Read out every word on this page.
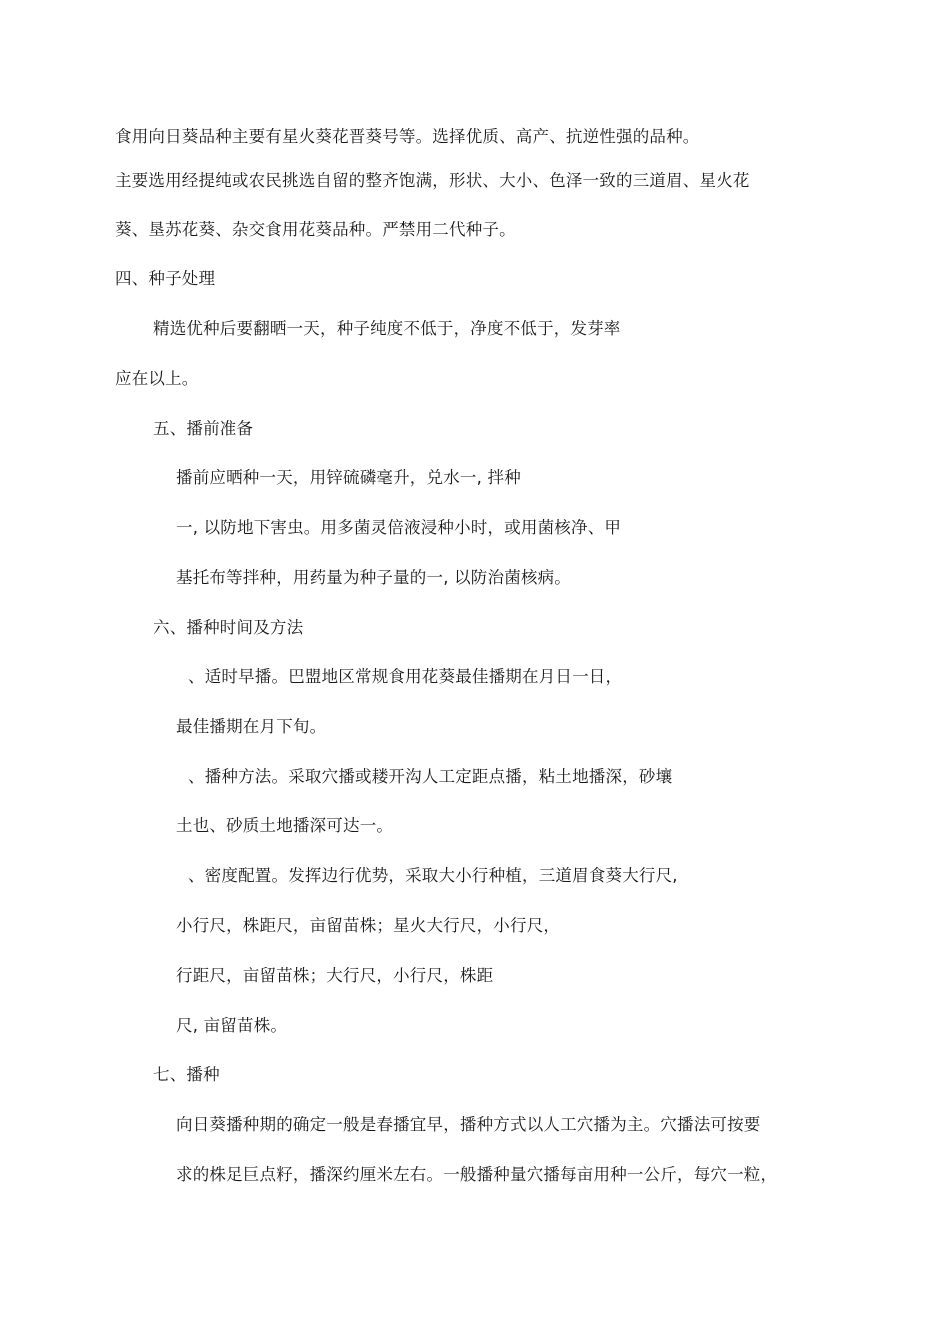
食用向日葵品种主要有星火葵花晋葵号等。选择优质、高产、抗逆性强的品种。
主要选用经提纯或农民挑选自留的整齐饱满，形状、大小、色泽一致的三道眉、星火花
葵、垦苏花葵、杂交食用花葵品种。严禁用二代种子。
四、种子处理
精选优种后要翻晒一天，种子纯度不低于，净度不低于，发芽率
应在以上。
五、播前准备
播前应晒种一天，用锌硫磷毫升，兑水一, 拌种
一, 以防地下害虫。用多菌灵倍液浸种小时，或用菌核净、甲
基托布等拌种，用药量为种子量的一, 以防治菌核病。
六、播种时间及方法
、适时早播。巴盟地区常规食用花葵最佳播期在月日一日，
最佳播期在月下旬。
、播种方法。采取穴播或耧开沟人工定距点播，粘土地播深，砂壤
土也、砂质土地播深可达一。
、密度配置。发挥边行优势，采取大小行种植，三道眉食葵大行尺,
小行尺，株距尺，亩留苗株；星火大行尺，小行尺，
行距尺，亩留苗株；大行尺，小行尺，株距
尺, 亩留苗株。
七、播种
向日葵播种期的确定一般是春播宜早，播种方式以人工穴播为主。穴播法可按要
求的株足巨点籽，播深约厘米左右。一般播种量穴播每亩用种一公斤，每穴一粒，
